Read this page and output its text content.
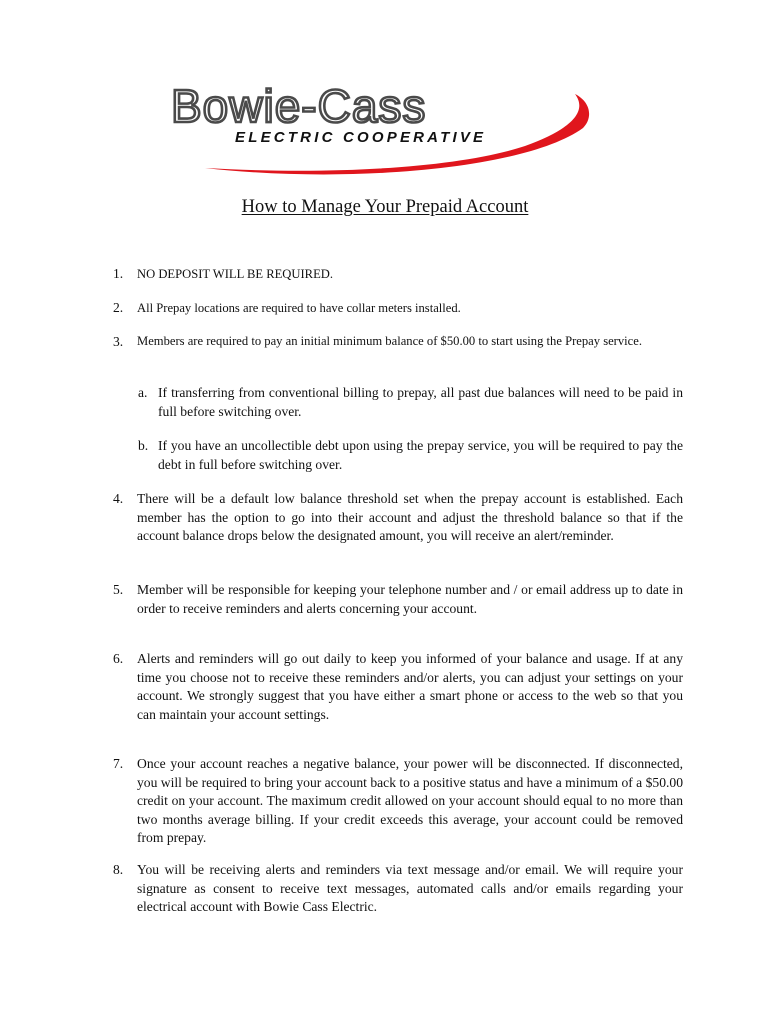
Bowie-Cass
ELECTRIC COOPERATIVE
How to Manage Your Prepaid Account
1.	NO DEPOSIT WILL BE REQUIRED.
2.	All Prepay locations are required to have collar meters installed.
3.	Members are required to pay an initial minimum balance of $50.00 to start using the Prepay service.
a. If transferring from conventional billing to prepay, all past due balances will need to be paid in full before switching over.
b. If you have an uncollectible debt upon using the prepay service, you will be required to pay the debt in full before switching over.
4.	There will be a default low balance threshold set when the prepay account is established. Each member has the option to go into their account and adjust the threshold balance so that if the account balance drops below the designated amount, you will receive an alert/reminder.
5.	Member will be responsible for keeping your telephone number and / or email address up to date in order to receive reminders and alerts concerning your account.
6.	Alerts and reminders will go out daily to keep you informed of your balance and usage. If at any time you choose not to receive these reminders and/or alerts, you can adjust your settings on your account. We strongly suggest that you have either a smart phone or access to the web so that you can maintain your account settings.
7.	Once your account reaches a negative balance, your power will be disconnected. If disconnected, you will be required to bring your account back to a positive status and have a minimum of a $50.00 credit on your account. The maximum credit allowed on your account should equal to no more than two months average billing. If your credit exceeds this average, your account could be removed from prepay.
8.	You will be receiving alerts and reminders via text message and/or email. We will require your signature as consent to receive text messages, automated calls and/or emails regarding your electrical account with Bowie Cass Electric.
